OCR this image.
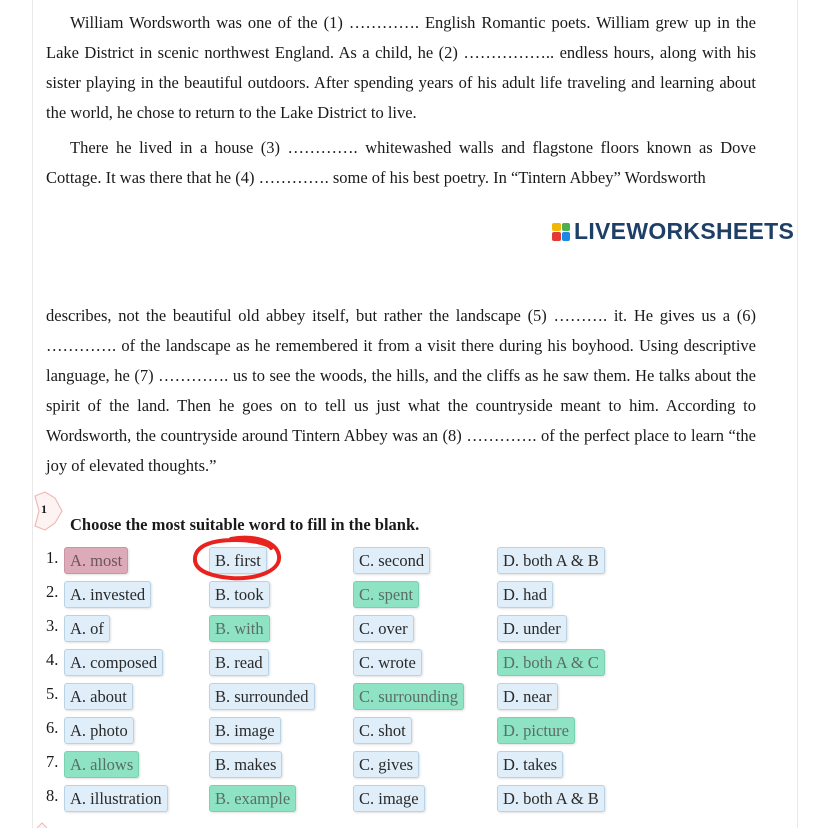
William Wordsworth was one of the (1) …………. English Romantic poets. William grew up in the Lake District in scenic northwest England. As a child, he (2) …………….. endless hours, along with his sister playing in the beautiful outdoors. After spending years of his adult life traveling and learning about the world, he chose to return to the Lake District to live.

There he lived in a house (3) …………. whitewashed walls and flagstone floors known as Dove Cottage. It was there that he (4) …………. some of his best poetry. In “Tintern Abbey” Wordsworth

LIVEWORKSHEETS

describes, not the beautiful old abbey itself, but rather the landscape (5) ………. it. He gives us a (6) …………. of the landscape as he remembered it from a visit there during his boyhood. Using descriptive language, he (7) …………. us to see the woods, the hills, and the cliffs as he saw them. He talks about the spirit of the land. Then he goes on to tell us just what the countryside meant to him. According to Wordsworth, the countryside around Tintern Abbey was an (8) …………. of the perfect place to learn “the joy of elevated thoughts.”

1
Choose the most suitable word to fill in the blank.
1. A. most	B. first	C. second	D. both A & B
2. A. invested	B. took	C. spent	D. had
3. A. of	B. with	C. over	D. under
4. A. composed	B. read	C. wrote	D. both A & C
5. A. about	B. surrounded	C. surrounding	D. near
6. A. photo	B. image	C. shot	D. picture
7. A. allows	B. makes	C. gives	D. takes
8. A. illustration	B. example	C. image	D. both A & B
